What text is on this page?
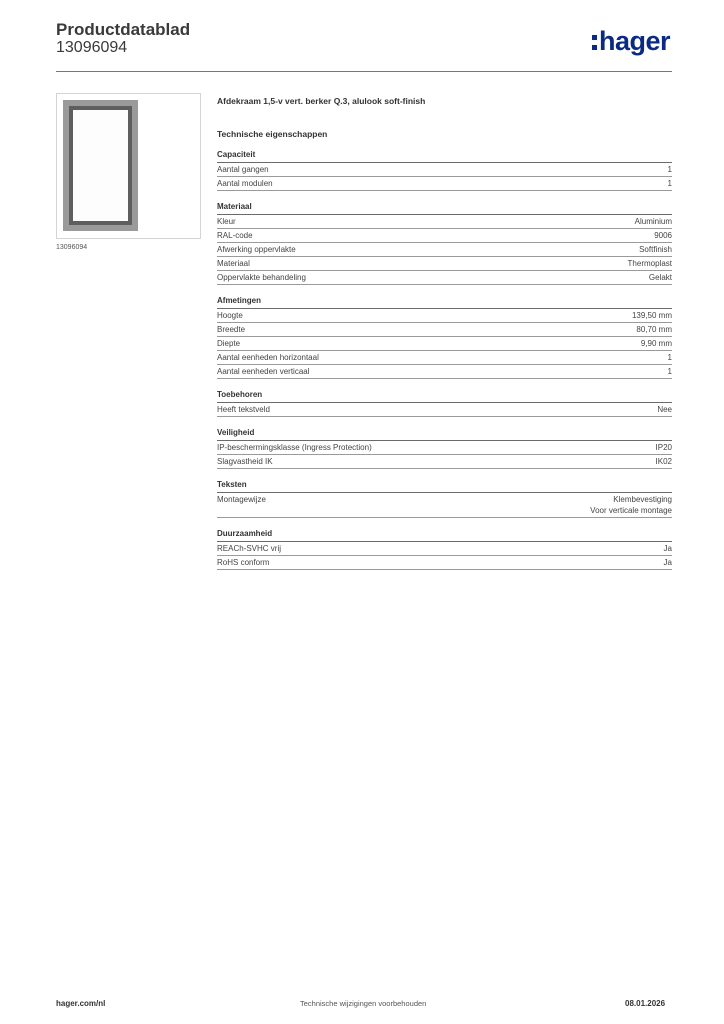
Productdatablad
13096094	hager
13096094
Afdekraam 1,5-v vert. berker Q.3, alulook soft-finish
Technische eigenschappen
Capaciteit
Aantal gangen	1
Aantal modulen	1
Materiaal
Kleur	Aluminium
RAL-code	9006
Afwerking oppervlakte	Softfinish
Materiaal	Thermoplast
Oppervlakte behandeling	Gelakt
Afmetingen
Hoogte	139,50 mm
Breedte	80,70 mm
Diepte	9,90 mm
Aantal eenheden horizontaal	1
Aantal eenheden verticaal	1
Toebehoren
Heeft tekstveld	Nee
Veiligheid
IP-beschermingsklasse (Ingress Protection)	IP20
Slagvastheid IK	IK02
Teksten
Montagewijze	Klembevestiging
Voor verticale montage
Duurzaamheid
REACh-SVHC vrij	Ja
RoHS conform	Ja
hager.com/nl	Technische wijzigingen voorbehouden	08.01.2026
